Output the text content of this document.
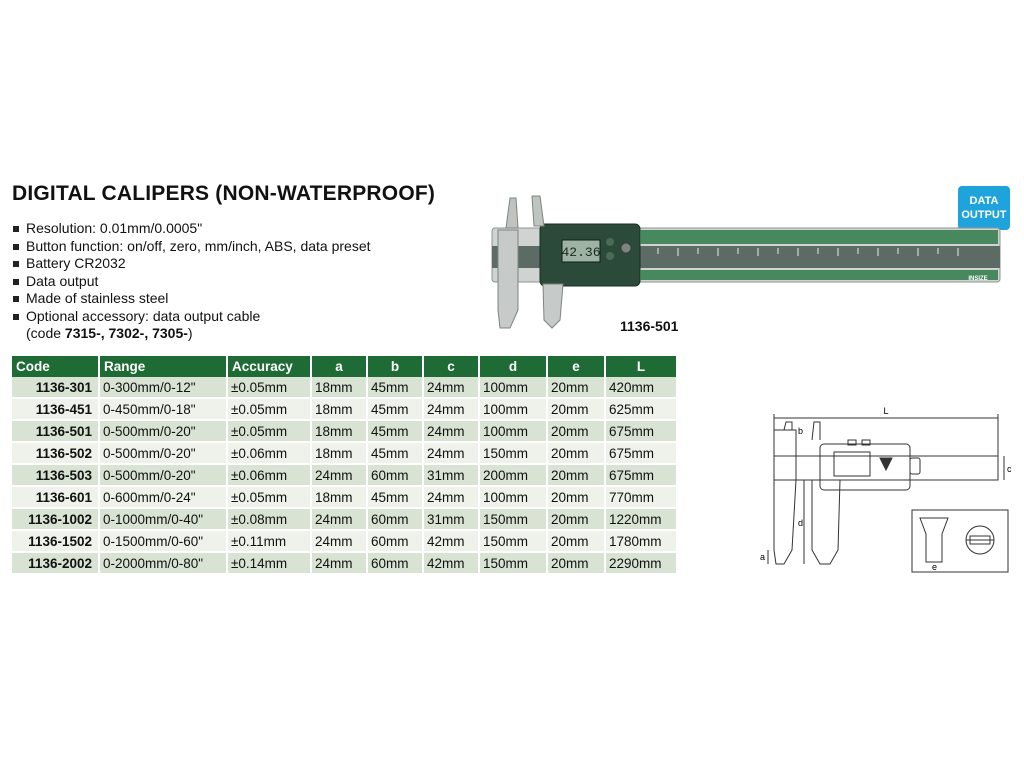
DIGITAL CALIPERS (NON-WATERPROOF)	DATA
OUTPUT
Resolution: 0.01mm/0.0005"
Button function: on/off, zero, mm/inch, ABS, data preset
Battery CR2032
Data output
Made of stainless steel
Optional accessory: data output cable
(code 7315-, 7302-, 7305-)
42.36
INSIZE
1136-501
Code	Range	Accuracy	a	b	c	d	e	L
1136-301	0-300mm/0-12"	±0.05mm	18mm	45mm	24mm	100mm	20mm	420mm
1136-451	0-450mm/0-18"	±0.05mm	18mm	45mm	24mm	100mm	20mm	625mm
1136-501	0-500mm/0-20"	±0.05mm	18mm	45mm	24mm	100mm	20mm	675mm
1136-502	0-500mm/0-20"	±0.06mm	18mm	45mm	24mm	150mm	20mm	675mm
1136-503	0-500mm/0-20"	±0.06mm	24mm	60mm	31mm	200mm	20mm	675mm
1136-601	0-600mm/0-24"	±0.05mm	18mm	45mm	24mm	100mm	20mm	770mm
1136-1002	0-1000mm/0-40"	±0.08mm	24mm	60mm	31mm	150mm	20mm	1220mm
1136-1502	0-1500mm/0-60"	±0.11mm	24mm	60mm	42mm	150mm	20mm	1780mm
1136-2002	0-2000mm/0-80"	±0.14mm	24mm	60mm	42mm	150mm	20mm	2290mm
L
b
c
d
a
e
